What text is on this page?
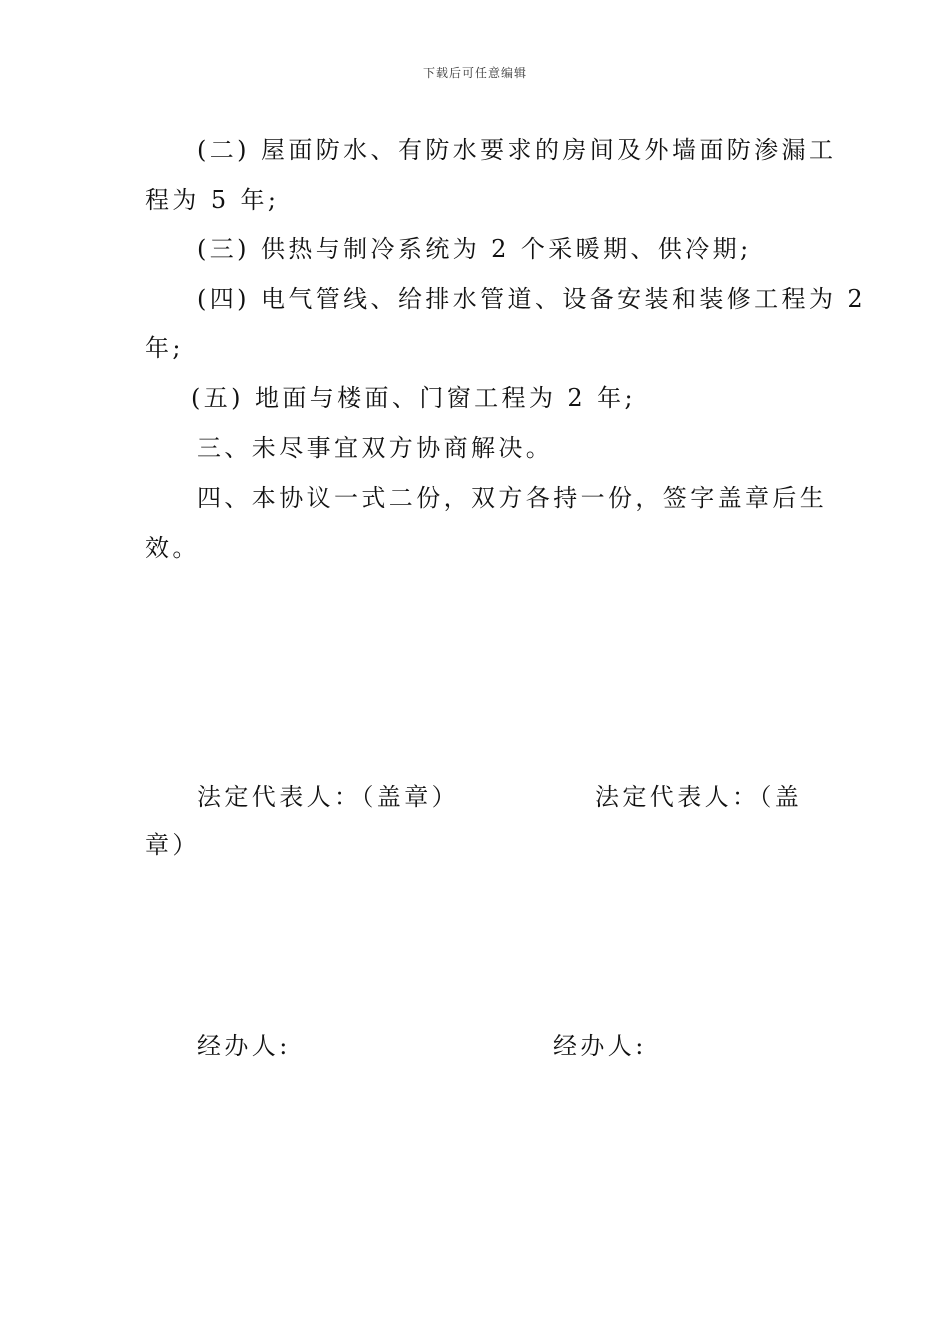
下载后可任意编辑
(二) 屋面防水、有防水要求的房间及外墙面防渗漏工
程为 5 年;
(三) 供热与制冷系统为 2 个采暖期、供冷期;
(四) 电气管线、给排水管道、设备安装和装修工程为 2
年;
(五) 地面与楼面、门窗工程为 2 年;
三、未尽事宜双方协商解决。
四、本协议一式二份，双方各持一份，签字盖章后生
效。
法定代表人：（盖章）	法定代表人：（盖
章）
经办人:	经办人:
